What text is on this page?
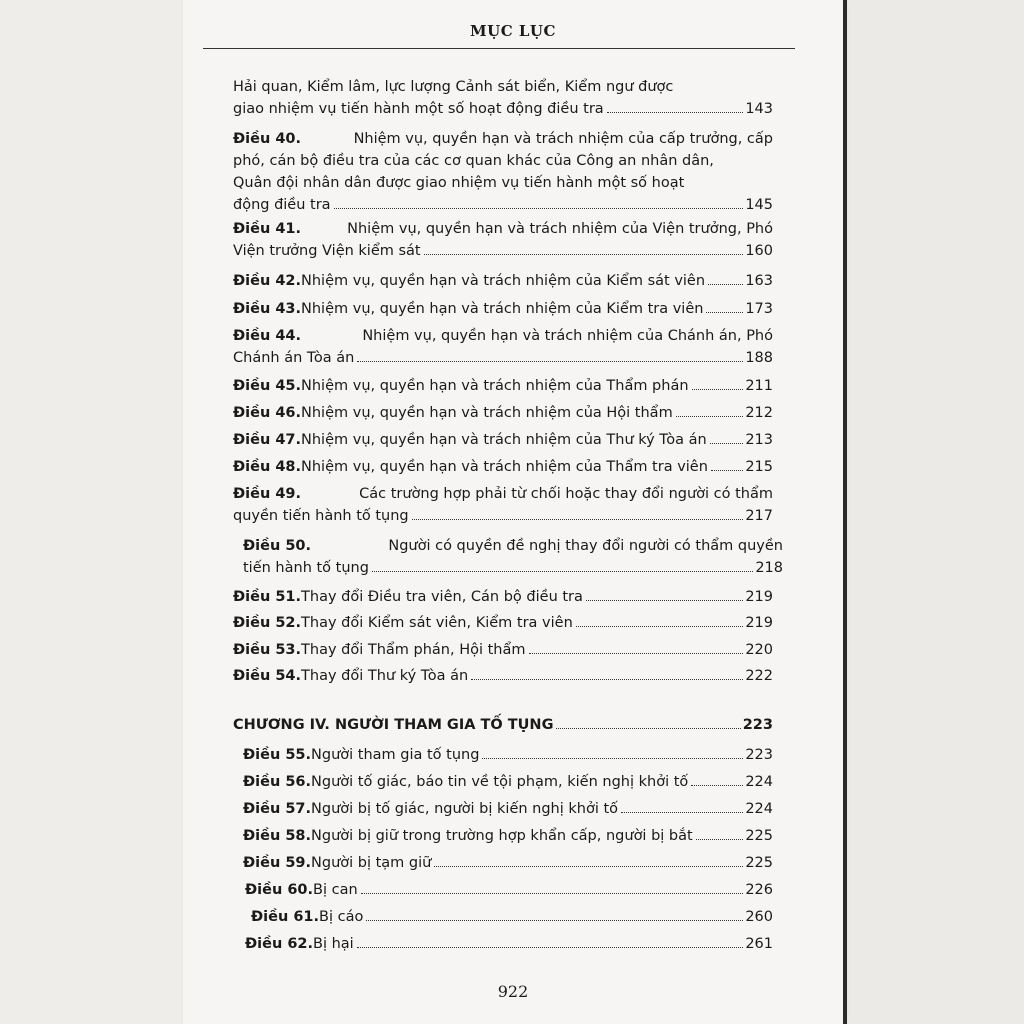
MỤC LỤC
Hải quan, Kiểm lâm, lực lượng Cảnh sát biển, Kiểm ngư được
giao nhiệm vụ tiến hành một số hoạt động điều tra	143
Điều 40.	Nhiệm vụ, quyền hạn và trách nhiệm của cấp trưởng, cấp
phó, cán bộ điều tra của các cơ quan khác của Công an nhân dân,
Quân đội nhân dân được giao nhiệm vụ tiến hành một số hoạt
động điều tra	145
Điều 41.	Nhiệm vụ, quyền hạn và trách nhiệm của Viện trưởng, Phó
Viện trưởng Viện kiểm sát	160
Điều 42. Nhiệm vụ, quyền hạn và trách nhiệm của Kiểm sát viên	163
Điều 43. Nhiệm vụ, quyền hạn và trách nhiệm của Kiểm tra viên	173
Điều 44.	Nhiệm vụ, quyền hạn và trách nhiệm của Chánh án, Phó
Chánh án Tòa án	188
Điều 45. Nhiệm vụ, quyền hạn và trách nhiệm của Thẩm phán	211
Điều 46. Nhiệm vụ, quyền hạn và trách nhiệm của Hội thẩm	212
Điều 47. Nhiệm vụ, quyền hạn và trách nhiệm của Thư ký Tòa án	213
Điều 48. Nhiệm vụ, quyền hạn và trách nhiệm của Thẩm tra viên	215
Điều 49.	Các trường hợp phải từ chối hoặc thay đổi người có thẩm
quyền tiến hành tố tụng	217
Điều 50.	Người có quyền đề nghị thay đổi người có thẩm quyền
tiến hành tố tụng	218
Điều 51. Thay đổi Điều tra viên, Cán bộ điều tra	219
Điều 52. Thay đổi Kiểm sát viên, Kiểm tra viên	219
Điều 53. Thay đổi Thẩm phán, Hội thẩm	220
Điều 54. Thay đổi Thư ký Tòa án	222
CHƯƠNG IV. NGƯỜI THAM GIA TỐ TỤNG	223
Điều 55. Người tham gia tố tụng	223
Điều 56. Người tố giác, báo tin về tội phạm, kiến nghị khởi tố	224
Điều 57. Người bị tố giác, người bị kiến nghị khởi tố	224
Điều 58. Người bị giữ trong trường hợp khẩn cấp, người bị bắt	225
Điều 59. Người bị tạm giữ	225
Điều 60. Bị can	226
Điều 61. Bị cáo	260
Điều 62. Bị hại	261
922
